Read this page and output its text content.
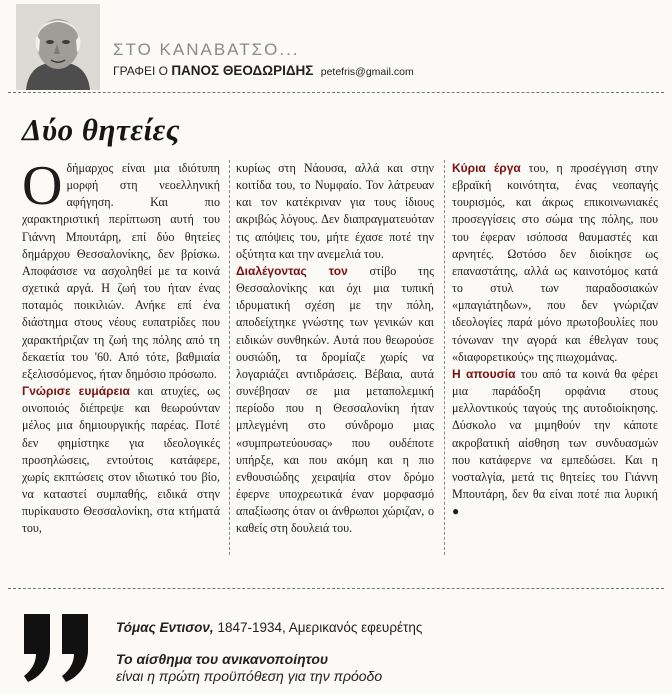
ΣΤΟ ΚΑΝΑΒΑΤΣΟ...
ΓΡΑΦΕΙ Ο ΠΑΝΟΣ ΘΕΟΔΩΡΙΔΗΣ petefris@gmail.com
Δύο θητείες

Οδήμαρχος είναι μια ιδιότυπη μορφή στη νεοελληνική αφήγηση. Και πιο χαρακτηριστική περίπτωση αυτή του Γιάννη Μπουτάρη, επί δύο θητείες δημάρχου Θεσσαλονίκης, δεν βρίσκω. Αποφάσισε να ασχοληθεί με τα κοινά σχετικά αργά. Η ζωή του ήταν ένας ποταμός ποικιλιών. Ανήκε επί ένα διάστημα στους νέους ευπατρίδες που χαρακτήριζαν τη ζωή της πόλης από τη δεκαετία του '60. Από τότε, βαθμιαία εξελισσόμενος, ήταν δημόσιο πρόσωπο.

Γνώρισε ευμάρεια και ατυχίες, ως οινοποιός διέπρεψε και θεωρούνταν μέλος μια δημιουργικής παρέας. Ποτέ δεν φημίστηκε για ιδεολογικές προσηλώσεις, εντούτοις κατάφερε, χωρίς εκπτώσεις στον ιδιωτικό του βίο, να καταστεί συμπαθής, ειδικά στην πυρίκαυστο Θεσσαλονίκη, στα κτήματά του,

κυρίως στη Νάουσα, αλλά και στην κοιτίδα του, το Νυμφαίο. Τον λάτρευαν και τον κατέκριναν για τους ίδιους ακριβώς λόγους. Δεν διαπραγματευόταν τις απόψεις του, μήτε έχασε ποτέ την οξύτητα και την ανεμελιά του.

Διαλέγοντας τον στίβο της Θεσσαλονίκης και όχι μια τυπική ιδρυματική σχέση με την πόλη, αποδείχτηκε γνώστης των γενικών και ειδικών συνθηκών. Αυτά που θεωρούσε ουσιώδη, τα δρομίαζε χωρίς να λογαριάζει αντιδράσεις. Βέβαια, αυτά συνέβησαν σε μια μεταπολεμική περίοδο που η Θεσσαλονίκη ήταν μπλεγμένη στο σύνδρομο μιας «συμπρωτεύουσας» που ουδέποτε υπήρξε, και που ακόμη και η πιο ενθουσιώδης χειραψία στον δρόμο έφερνε υποχρεωτικά έναν μορφασμό απαξίωσης όταν οι άνθρωποι χώριζαν, ο καθείς στη δουλειά του.

Κύρια έργα του, η προσέγγιση στην εβραϊκή κοινότητα, ένας νεοπαγής τουρισμός, και άκρως επικοινωνιακές προσεγγίσεις στο σώμα της πόλης, που του έφεραν ισόποσα θαυμαστές και αρνητές. Ωστόσο δεν διοίκησε ως επαναστάτης, αλλά ως καινοτόμος κατά το στυλ των παραδοσιακών «μπαγιάτηδων», που δεν γνώριζαν ιδεολογίες παρά μόνο πρωτοβουλίες που τόνωναν την αγορά και έθελγαν τους «διαφορετικούς» της πιωχομάνας.

Η απουσία του από τα κοινά θα φέρει μια παράδοξη ορφάνια στους μελλοντικούς ταγούς της αυτοδιοίκησης. Δύσκολο να μιμηθούν την κάποτε ακροβατική αίσθηση των συνδυασμών που κατάφερνε να εμπεδώσει. Και η νοσταλγία, μετά τις θητείες του Γιάννη Μπουτάρη, δεν θα είναι ποτέ πια λυρική ●

Τόμας Εντισον, 1847-1934, Αμερικανός εφευρέτης
Το αίσθημα του ανικανοποίητου
είναι η πρώτη προϋπόθεση για την πρόοδο
